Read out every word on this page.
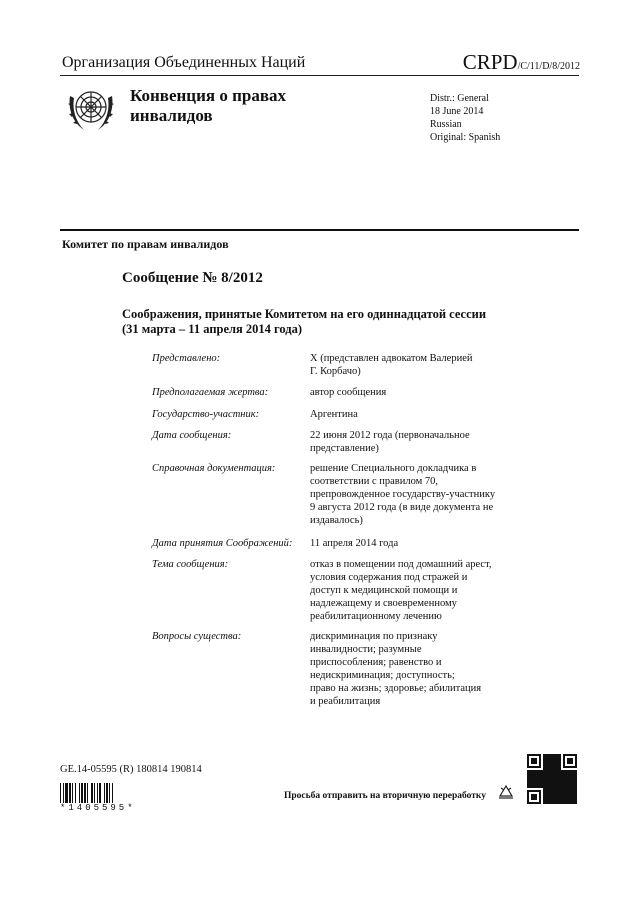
Организация Объединенных Наций	CRPD/C/11/D/8/2012
Конвенция о правах инвалидов
Distr.: General
18 June 2014
Russian
Original: Spanish
Комитет по правам инвалидов
Сообщение № 8/2012
Соображения, принятые Комитетом на его одиннадцатой сессии (31 марта – 11 апреля 2014 года)
Представлено:	X (представлен адвокатом Валерией
Г. Корбачо)
Предполагаемая жертва:	автор сообщения
Государство-участник:	Аргентина
Дата сообщения:	22 июня 2012 года (первоначальное
представление)
Справочная документация:	решение Специального докладчика в
соответствии с правилом 70,
препровожденное государству-участнику
9 августа 2012 года (в виде документа не
издавалось)
Дата принятия Соображений:	11 апреля 2014 года
Тема сообщения:	отказ в помещении под домашний арест,
условия содержания под стражей и
доступ к медицинской помощи и
надлежащему и своевременному
реабилитационному лечению
Вопросы существа:	дискриминация по признаку
инвалидности; разумные
приспособления; равенство и
недискриминация; доступность;
право на жизнь; здоровье; абилитация
и реабилитация
GE.14-05595 (R) 180814 190814
*1405595*
Просьба отправить на вторичную переработку
